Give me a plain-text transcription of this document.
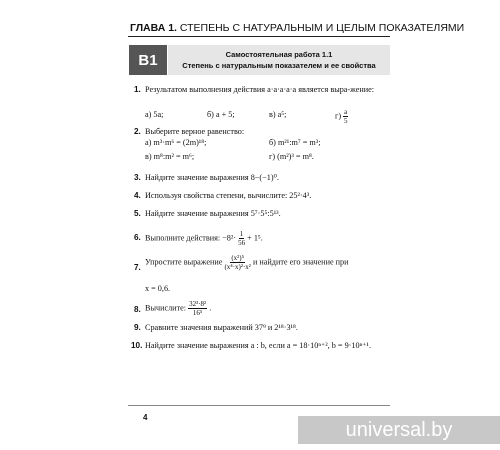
ГЛАВА 1. СТЕПЕНЬ С НАТУРАЛЬНЫМ И ЦЕЛЫМ ПОКАЗАТЕЛЯМИ
В1	Самостоятельная работа 1.1
Степень с натуральным показателем и ее свойства
1. Результатом выполнения действия a·a·a·a·a является выра-жение:
а) 5a;	б) a + 5;	в) a⁵;	$г) \frac{a}{5}$
2. Выберите верное равенство:
а) m³·m⁶ = (2m)¹⁸;	б) m²¹:m⁷ = m³;
в) m⁸:m² = m⁶;	г) (m²)³ = m⁸.
3. Найдите значение выражения 8−(−1)⁰.
4. Используя свойства степени, вычислите: 25²·4³.
5. Найдите значение выражения 5⁷·5⁵:5¹³.
6. Выполните действия: $-8^2\cdot \frac{1}{56} + 1^5$.
7.
Упростите выражение $\frac{\text{(x²)⁵}}{\text{(x⁴·x)²·x²}}$ и найдите его значение при
x = 0,6.
8. Вычислите: $\frac{\text{32³·8²}}{\text{16⁵}}$ .
9. Сравните значения выражений 37⁹ и 2¹⁸·3¹⁸.
10. Найдите значение выражения a : b, если a = 18·10ⁿ⁺², b = 9·10ⁿ⁺¹.
4
universal.by
